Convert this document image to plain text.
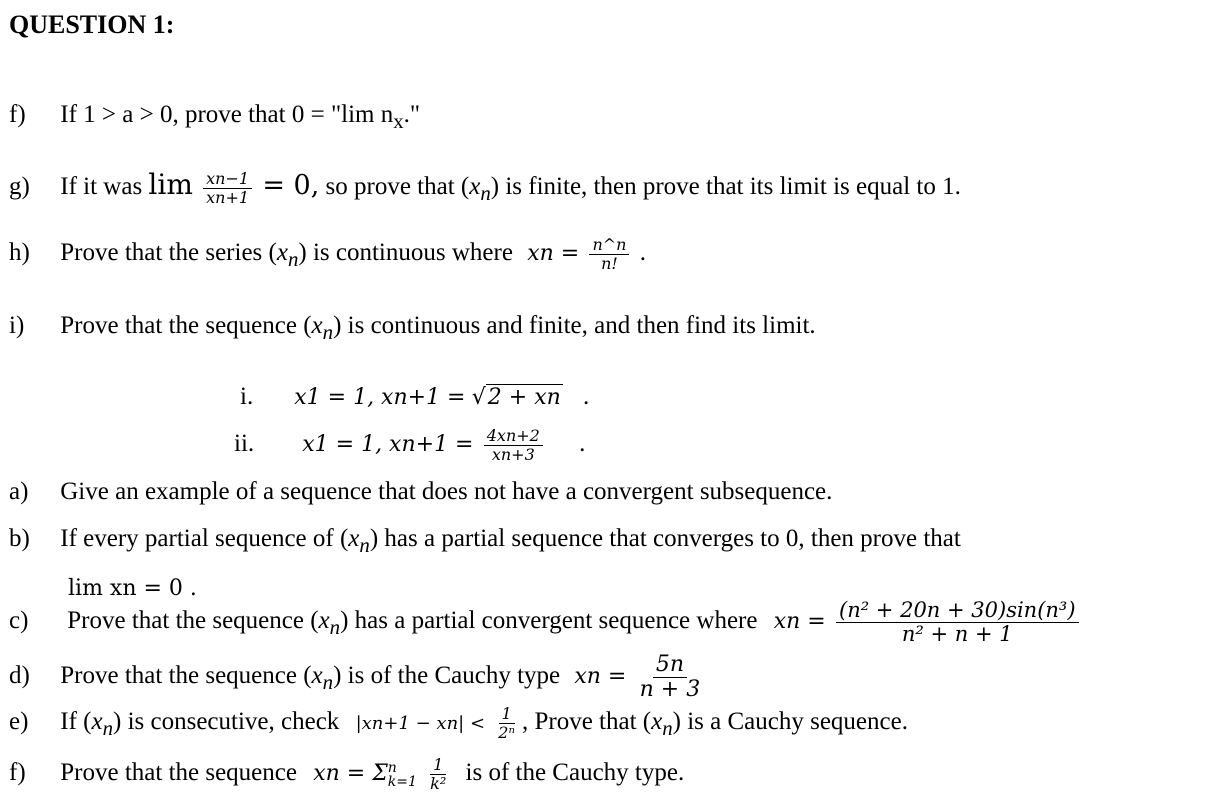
QUESTION 1:
f) If 1 > a > 0, prove that 0 = "lim $n_x$."
g) If it was $\lim \frac{xn-1}{xn+1} = 0$, so prove that $(x_n)$ is finite, then prove that its limit is equal to 1.
h) Prove that the series $(x_n)$ is continuous where xn = $\frac{n\^{}n}{n!}$ .
i) Prove that the sequence $(x_n)$ is continuous and finite, and then find its limit.
i. x1 = 1, xn+1 = √2 + xn .
ii. x1 = 1, $xn+1 = \frac{4xn+2}{xn+3}$ .
a) Give an example of a sequence that does not have a convergent subsequence.
b) If every partial sequence of $(x_n)$ has a partial sequence that converges to 0, then prove that
lim xn = 0 .
c) Prove that the sequence $(x_n)$ has a partial convergent sequence where xn = $\frac{\text{(n² + 20n + 30)sin(n³)}}{\text{n² + n + 1}}$
d) Prove that the sequence $(x_n)$ is of the Cauchy type xn = $\frac{5n}{n + 3}$
e) If $(x_n)$ is consecutive, check $|xn+1 - xn| < \frac{1}{\text{2ⁿ}}$ , Prove that $(x_n)$ is a Cauchy sequence.
f) Prove that the sequence xn = Σ n
k=1
$\frac{1}{\text{k²}}$ is of the Cauchy type.
